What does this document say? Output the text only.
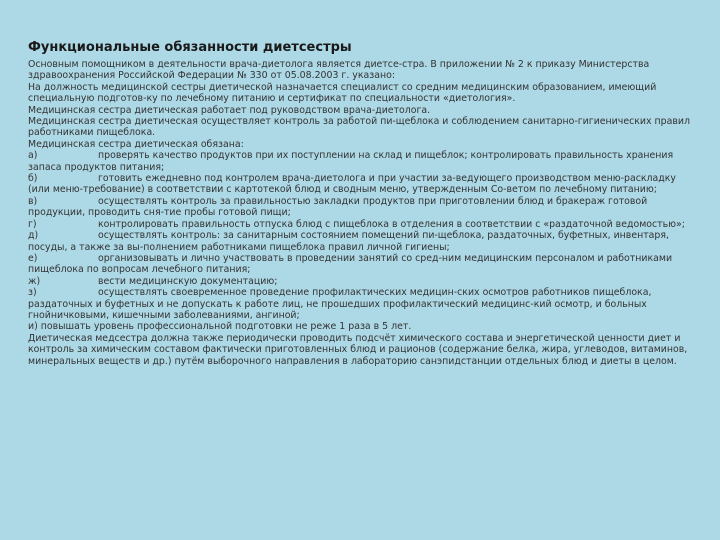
Функциональные обязанности диетсестры

Основным помощником в деятельности врача-диетолога является диетсе-стра. В приложении № 2 к приказу Министерства здравоохранения Российской Федерации № 330 от 05.08.2003 г. указано:

На должность медицинской сестры диетической назначается специалист со средним медицинским образованием, имеющий специальную подготов-ку по лечебному питанию и сертификат по специальности «диетология».

Медицинская сестра диетическая работает под руководством врача-диетолога.

Медицинская сестра диетическая осуществляет контроль за работой пи-щеблока и соблюдением санитарно-гигиенических правил работниками пищеблока.

Медицинская сестра диетическая обязана:

а)	проверять качество продуктов при их поступлении на склад и пищеблок; контролировать правильность хранения запаса продуктов питания;
б)	готовить ежедневно под контролем врача-диетолога и при участии за-ведующего производством меню-раскладку (или меню-требование) в соответствии с картотекой блюд и сводным меню, утвержденным Со-ветом по лечебному питанию;
в)	осуществлять контроль за правильностью закладки продуктов при приготовлении блюд и бракераж готовой продукции, проводить сня-тие пробы готовой пищи;
г)	контролировать правильность отпуска блюд с пищеблока в отделения в соответствии с «раздаточной ведомостью»;
д)	осуществлять контроль: за санитарным состоянием помещений пи-щеблока, раздаточных, буфетных, инвентаря, посуды, а также за вы-полнением работниками пищеблока правил личной гигиены;
е)	организовывать и лично участвовать в проведении занятий со сред-ним медицинским персоналом и работниками пищеблока по вопросам лечебного питания;
ж)	вести медицинскую документацию;
з)	осуществлять своевременное проведение профилактических медицин-ских осмотров работников пищеблока, раздаточных и буфетных и не допускать к работе лиц, не прошедших профилактический медицинс-кий осмотр, и больных гнойничковыми, кишечными заболеваниями, ангиной;

и) повышать уровень профессиональной подготовки не реже 1 раза в 5 лет.

Диетическая медсестра должна также периодически проводить подсчёт химического состава и энергетической ценности диет и контроль за химическим составом фактически приготовленных блюд и рационов (содержание белка, жира, углеводов, витаминов, минеральных веществ и др.) путём выборочного направления в лабораторию санэпидстанции отдельных блюд и диеты в целом.
